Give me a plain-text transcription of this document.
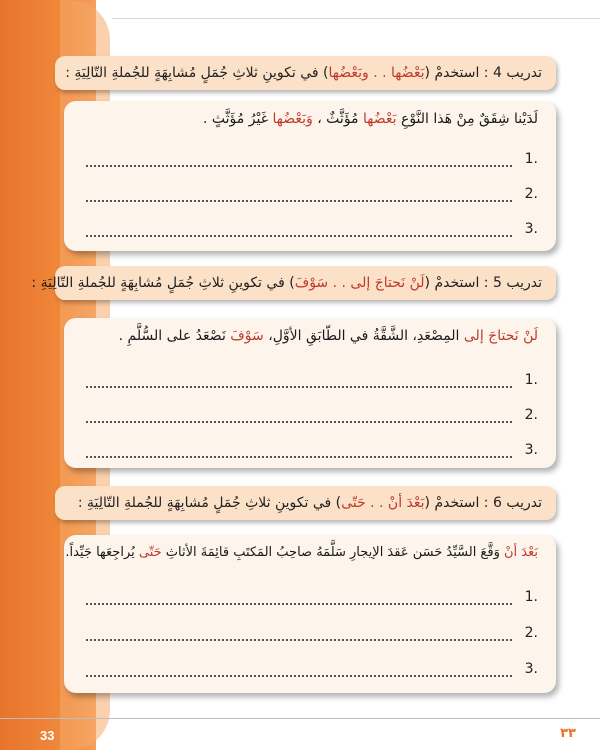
تدريب 4 : استخدمْ (بَعْضُها . . وبَعْضُها) في تكوينِ ثلاثِ جُمَلٍ مُشابِهَةٍ للجُملةِ التّالِيَةِ :
لَدَيْنا شِقَقٌ مِنْ هَذا النَّوْعِ بَعْضُها مُؤَثَّثٌ ، وَبَعْضُها غَيْرُ مُؤَثَّثٍ .
1.
2.
3.
تدريب 5 : استخدمْ (لَنْ نَحتاجَ إلى . . سَوْفَ) في تكوينِ ثلاثِ جُمَلٍ مُشابِهَةٍ للجُملةِ التّالِيَةِ :
لَنْ نَحتاجَ إلى المِصْعَدِ، الشَّقَّةُ في الطّابَقِ الأوَّلِ، سَوْفَ نَصْعَدُ على السُّلَّمِ .
1.
2.
3.
تدريب 6 : استخدمْ (بَعْدَ أنْ . . حَتّى) في تكوينِ ثلاثِ جُمَلٍ مُشابِهَةٍ للجُملةِ التّالِيَةِ :
بَعْدَ أنْ وَقَّعَ السَّيِّدُ حَسَن عَقدَ الإيجارِ سَلَّمَهُ صاحِبُ المَكتَبِ قائِمَةَ الأثاثِ حَتّى يُراجِعَها جَيِّداً.
1.
2.
3.
33	٣٣
